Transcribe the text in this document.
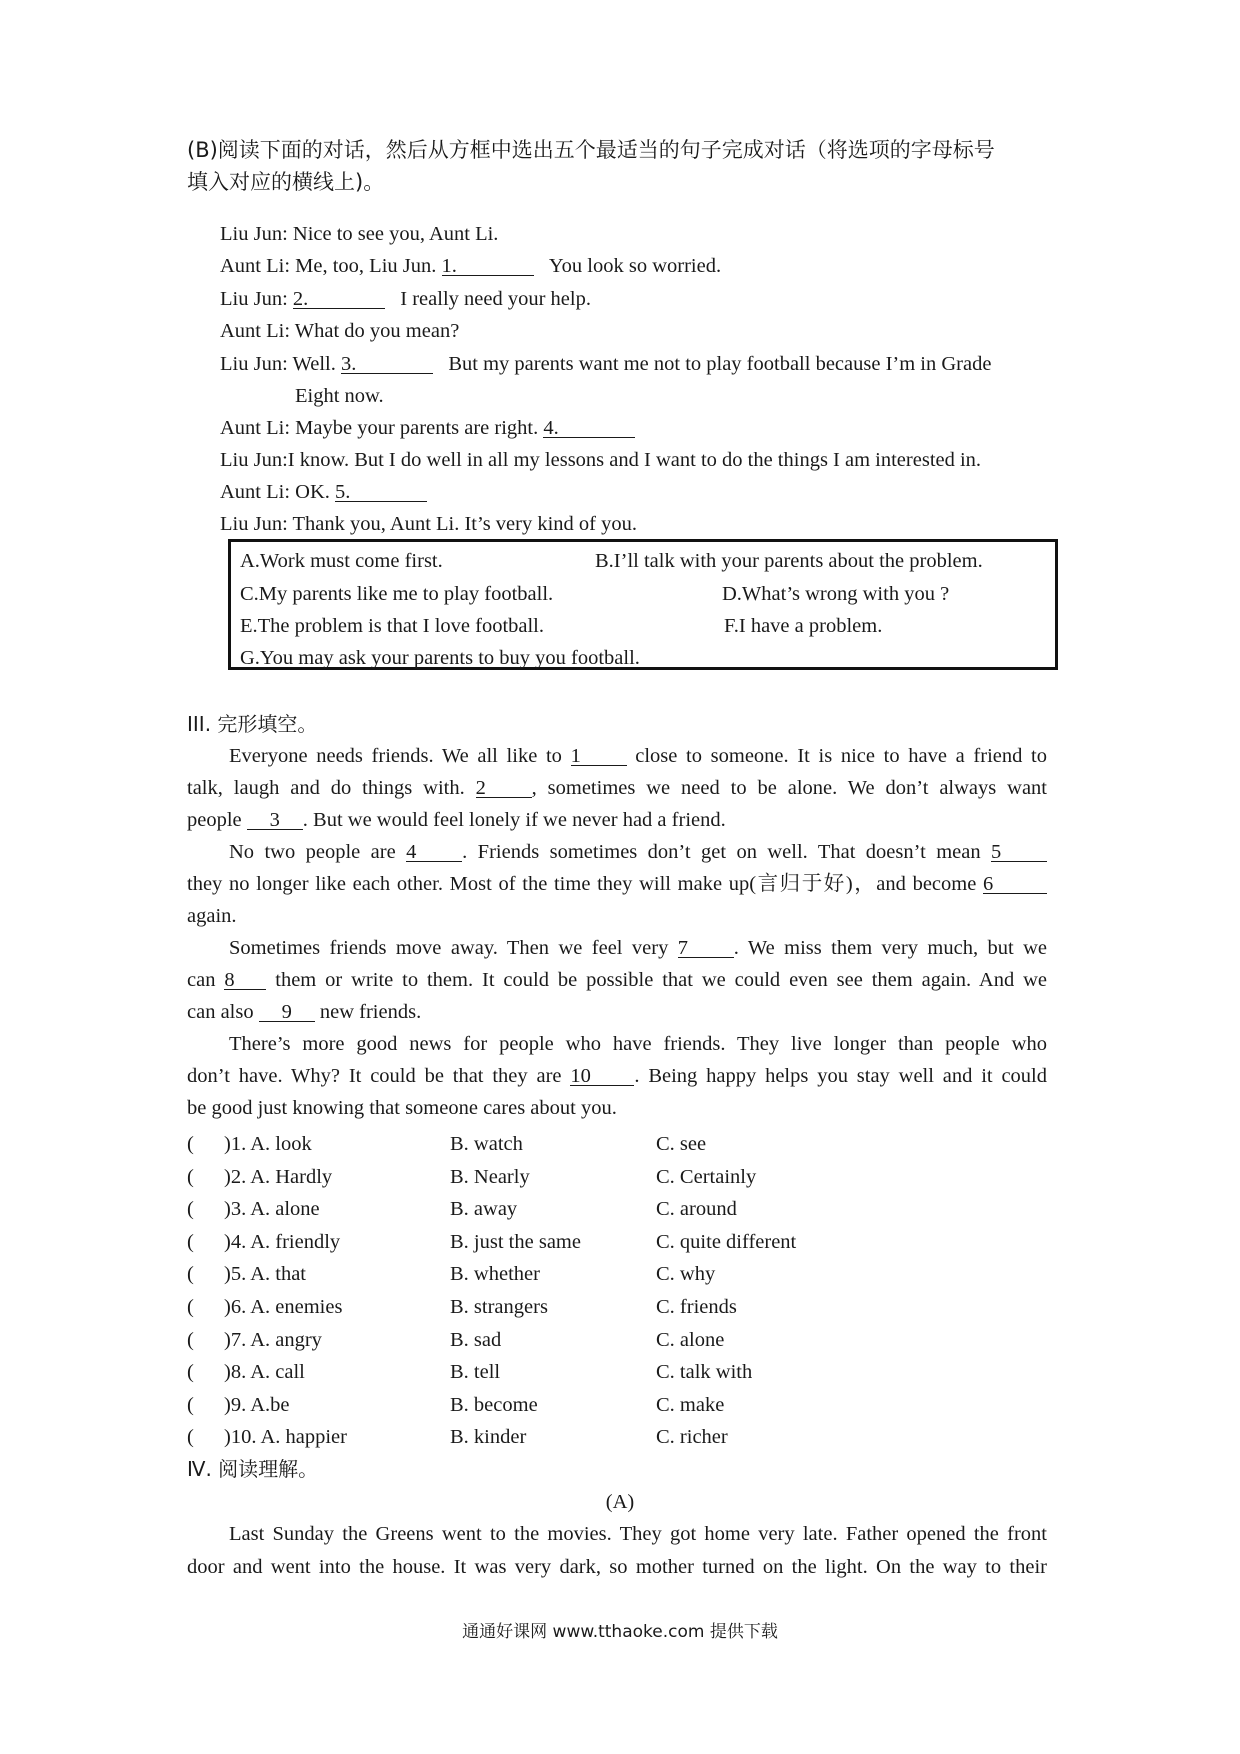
(B)阅读下面的对话，然后从方框中选出五个最适当的句子完成对话（将选项的字母标号
填入对应的横线上)。
Liu Jun: Nice to see you, Aunt Li.
Aunt Li: Me, too, Liu Jun. 1.	You look so worried.
Liu Jun: 2.	I really need your help.
Aunt Li: What do you mean?
Liu Jun: Well. 3.	But my parents want me not to play football because I’m in Grade
Eight now.
Aunt Li: Maybe your parents are right. 4.
Liu Jun:I know. But I do well in all my lessons and I want to do the things I am interested in.
Aunt Li: OK. 5.
Liu Jun: Thank you, Aunt Li. It’s very kind of you.
A.Work must come first.	B.I’ll talk with your parents about the problem.
C.My parents like me to play football.	D.What’s wrong with you ?
E.The problem is that I love football.	F.I have a problem.
G.You may ask your parents to buy you football.
III. 完形填空。
Everyone needs friends. We all like to 1	close to someone. It is nice to have a friend to
talk, laugh and do things with. 2 , sometimes we need to be alone. We don’t always want
people 3 . But we would feel lonely if we never had a friend.
No two people are 4 . Friends sometimes don’t get on well. That doesn’t mean 5
they no longer like each other. Most of the time they will make up(言归于好)，and become 6
again.
Sometimes friends move away. Then we feel very 7 . We miss them very much, but we
can 8 them or write to them. It could be possible that we could even see them again. And we
can also 9 new friends.
There’s more good news for people who have friends. They live longer than people who
don’t have. Why? It could be that they are 10 . Being happy helps you stay well and it could
be good just knowing that someone cares about you.
( )1. A. look	B. watch	C. see
( )2. A. Hardly	B. Nearly	C. Certainly
( )3. A. alone	B. away	C. around
( )4. A. friendly	B. just the same	C. quite different
( )5. A. that	B. whether	C. why
( )6. A. enemies	B. strangers	C. friends
( )7. A. angry	B. sad	C. alone
( )8. A. call	B. tell	C. talk with
( )9. A.be	B. become	C. make
( )10. A. happier	B. kinder	C. richer
Ⅳ. 阅读理解。
(A)
Last Sunday the Greens went to the movies. They got home very late. Father opened the front
door and went into the house. It was very dark, so mother turned on the light. On the way to their
通通好课网 www.tthaoke.com 提供下载
